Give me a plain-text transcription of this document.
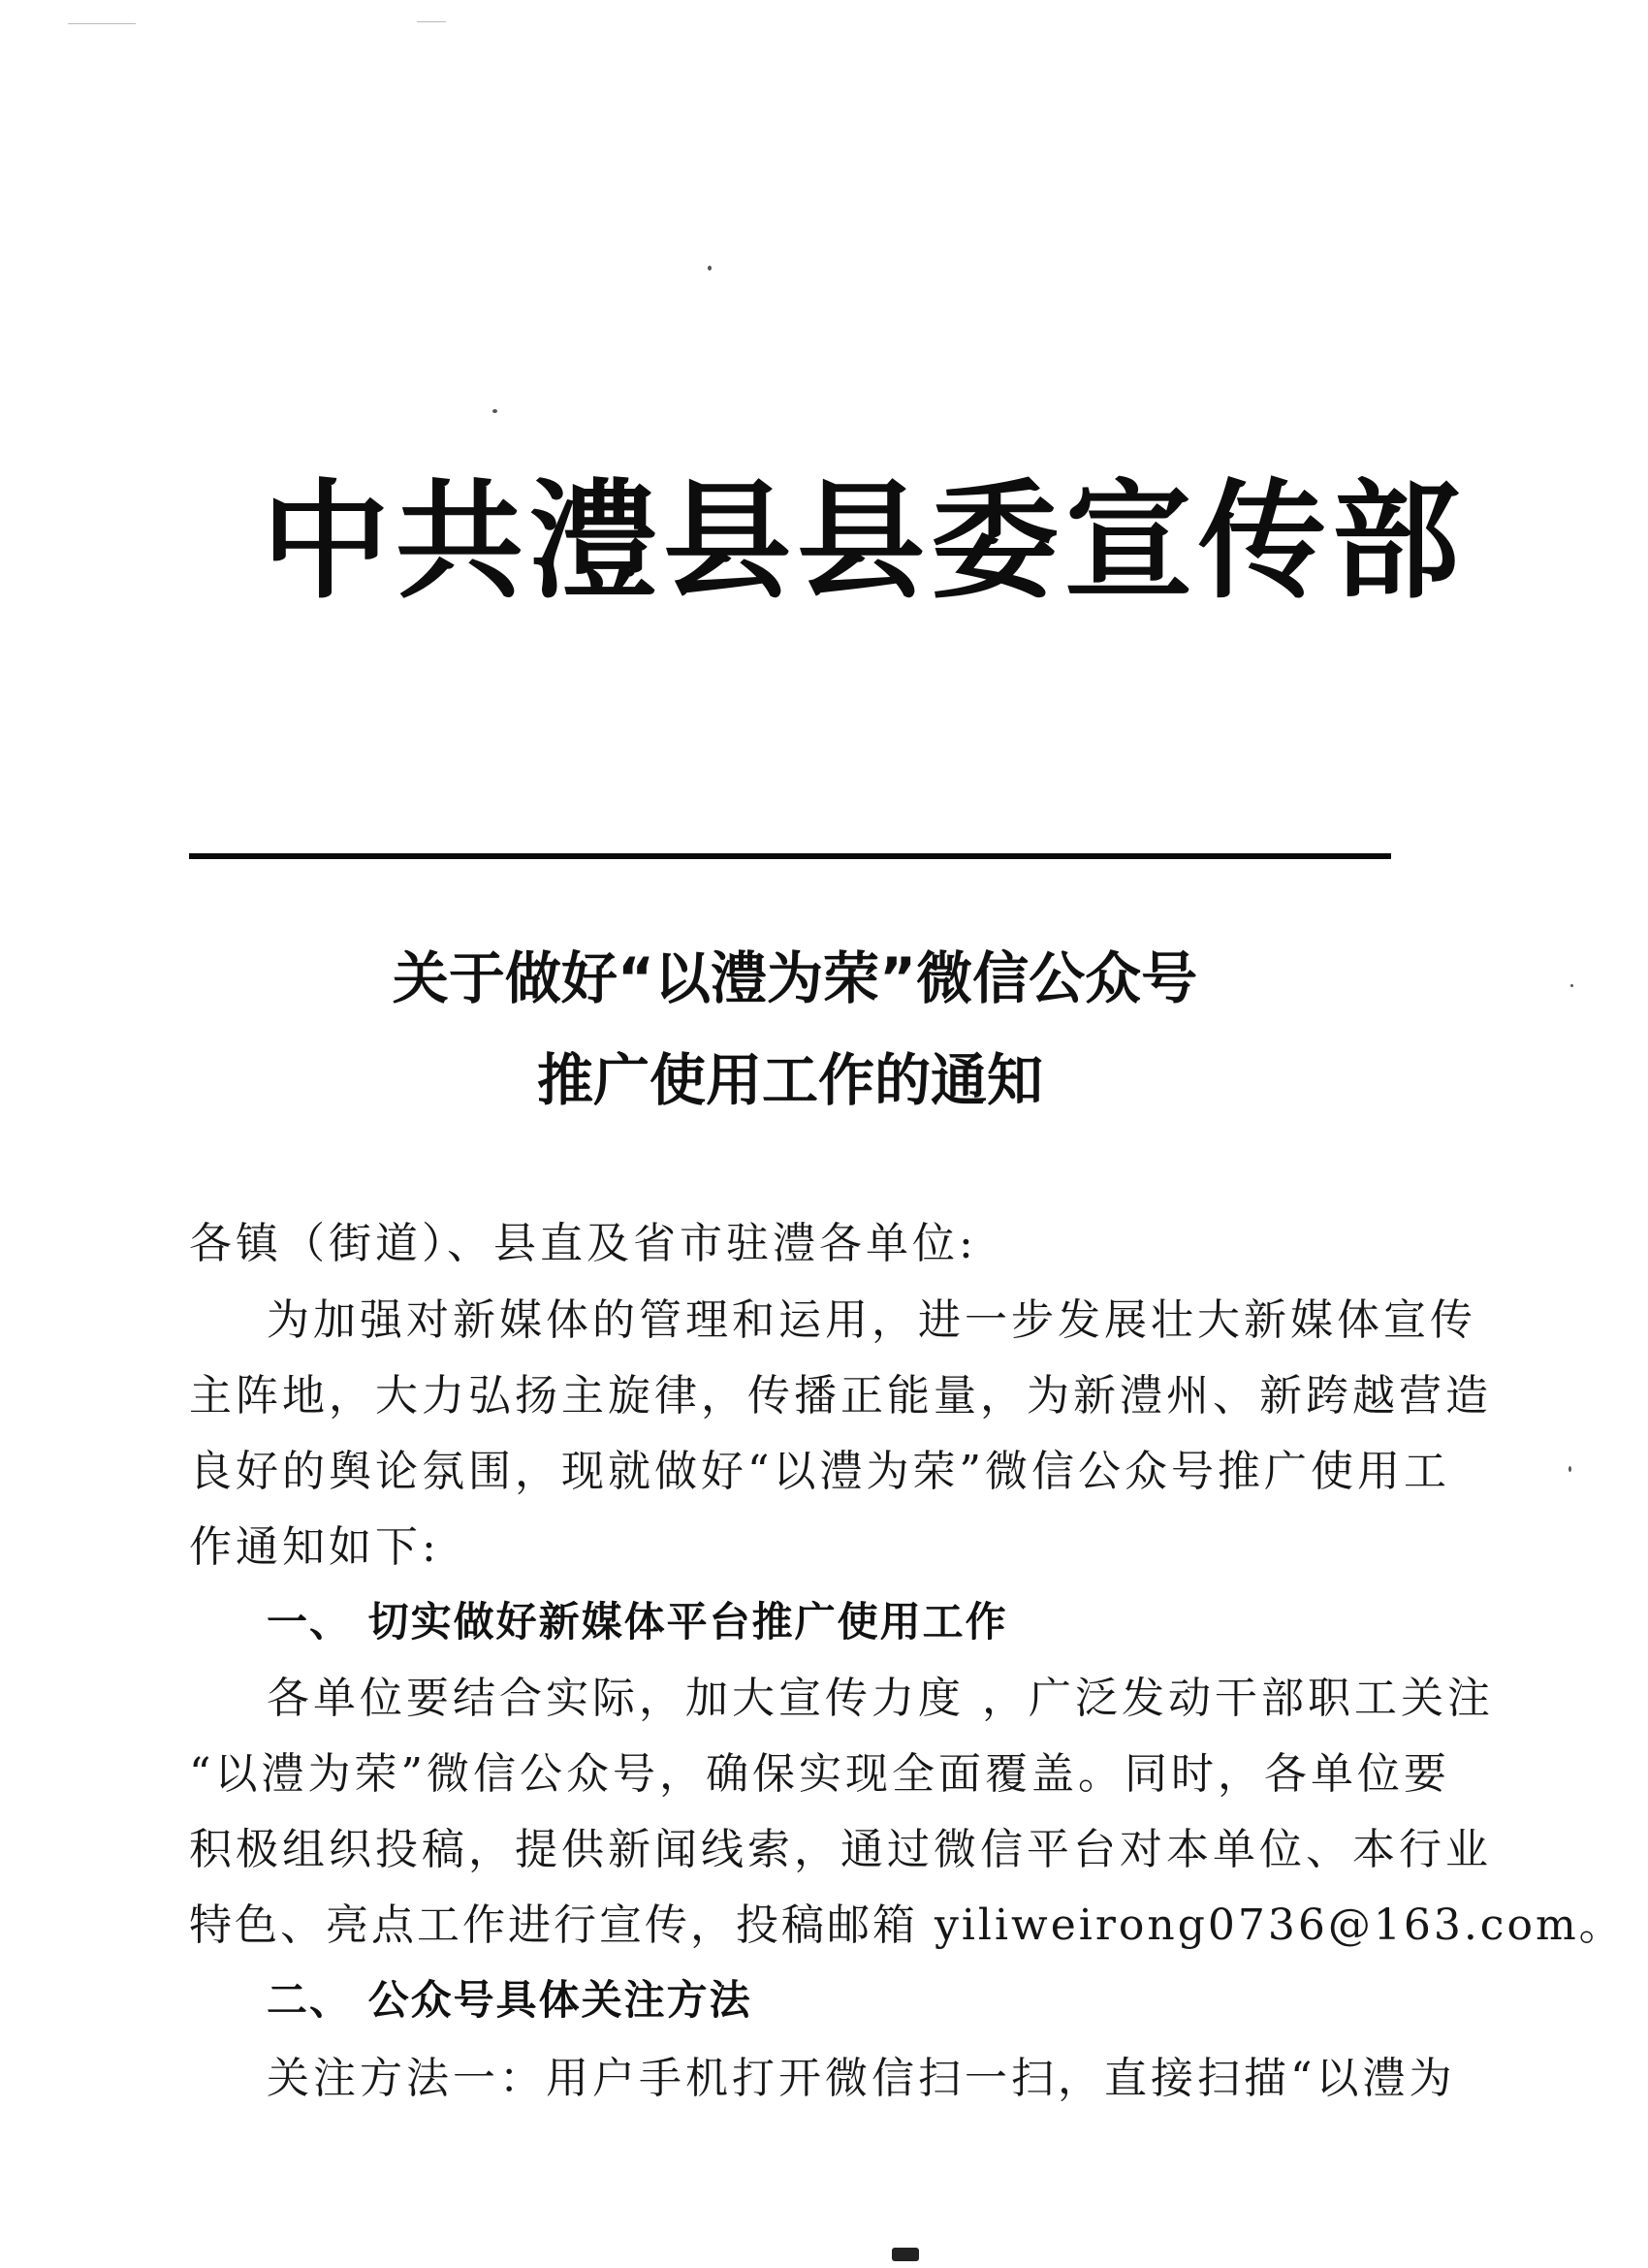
中共澧县县委宣传部
关于做好“以澧为荣”微信公众号
推广使用工作的通知
各镇（街道）、县直及省市驻澧各单位:
为加强对新媒体的管理和运用，进一步发展壮大新媒体宣传
主阵地，大力弘扬主旋律，传播正能量，为新澧州、新跨越营造
良好的舆论氛围，现就做好“以澧为荣”微信公众号推广使用工
作通知如下:
一、 切实做好新媒体平台推广使用工作
各单位要结合实际，加大宣传力度 ，广泛发动干部职工关注
“以澧为荣”微信公众号，确保实现全面覆盖。同时，各单位要
积极组织投稿，提供新闻线索，通过微信平台对本单位、本行业
特色、亮点工作进行宣传，投稿邮箱 yiliweirong0736@163.com。
二、 公众号具体关注方法
关注方法一：用户手机打开微信扫一扫，直接扫描“以澧为
